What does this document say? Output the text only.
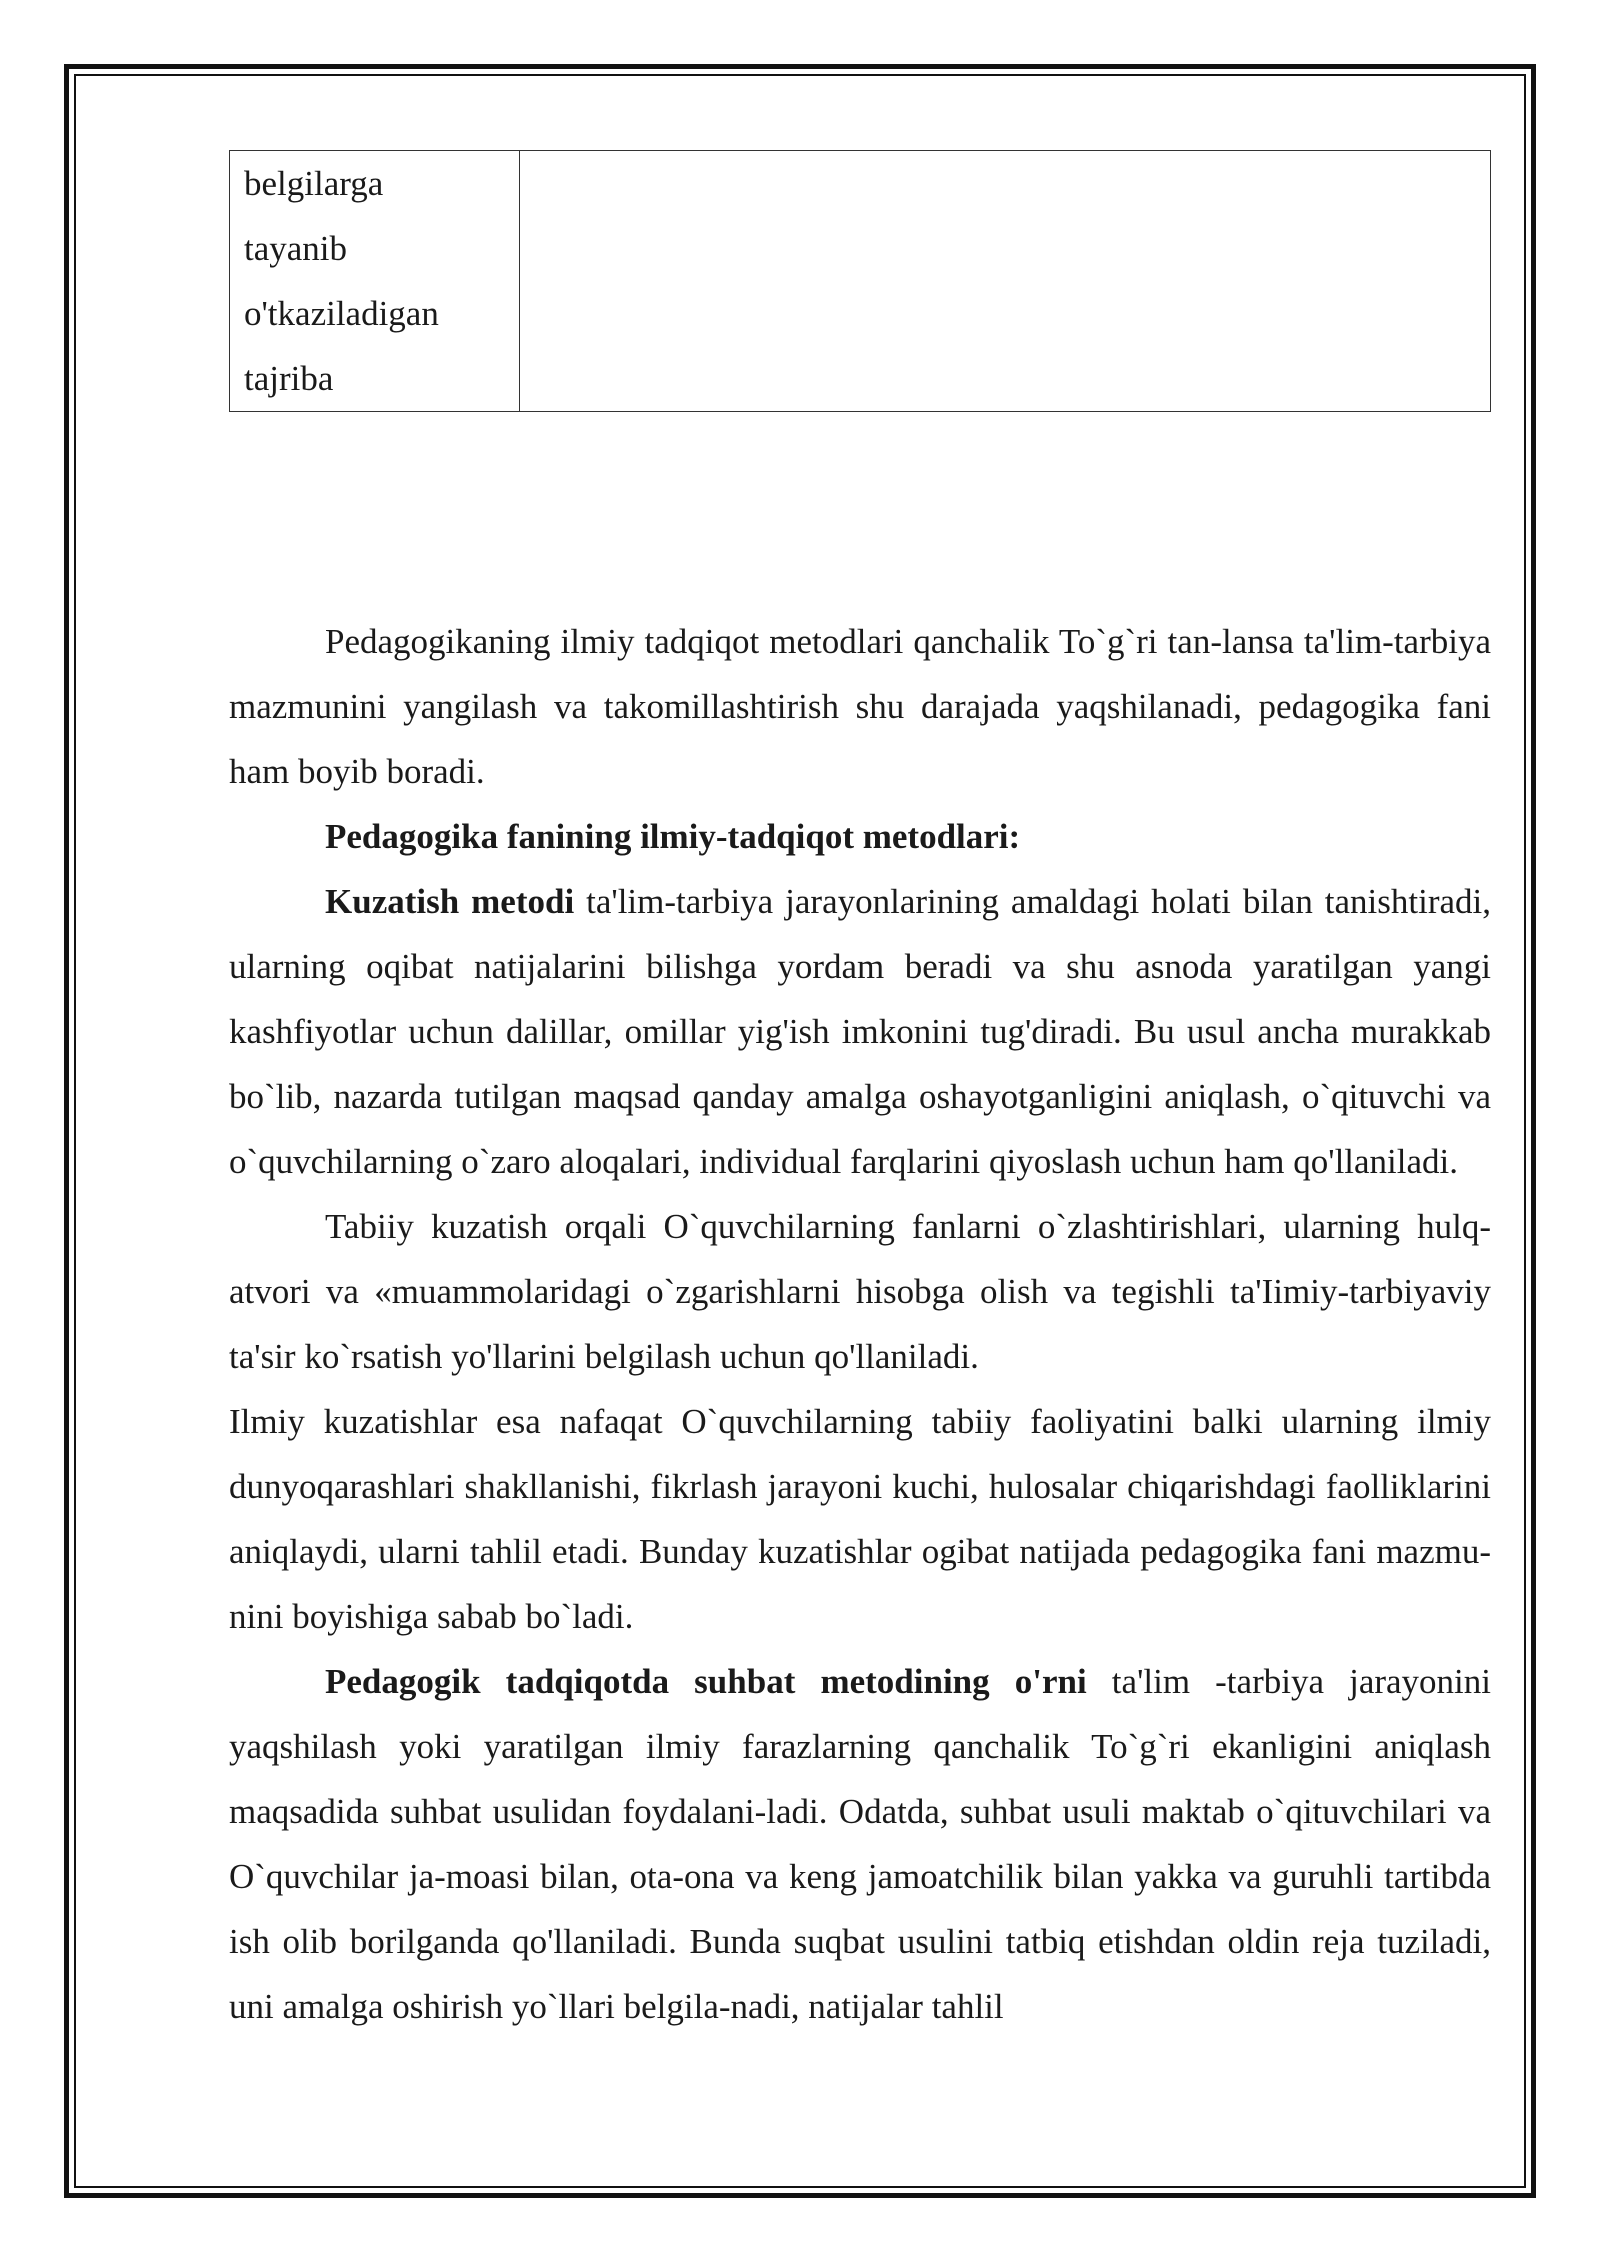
belgilarga
tayanib
o'tkaziladigan
tajriba

Pedagogikaning ilmiy tadqiqot metodlari qanchalik To`g`ri tan-lansa ta'lim-tarbiya mazmunini yangilash va takomillashtirish shu darajada yaqshilanadi, pedagogika fani ham boyib boradi.

Pedagogika fanining ilmiy-tadqiqot metodlari:

Kuzatish metodi ta'lim-tarbiya jarayonlarining amaldagi holati bilan tanishtiradi, ularning oqibat natijalarini bilishga yordam beradi va shu asnoda yaratilgan yangi kashfiyotlar uchun dalillar, omillar yig'ish imkonini tug'diradi. Bu usul ancha murakkab bo`lib, nazarda tutilgan maqsad qanday amalga oshayotganligini aniqlash, o`qituvchi va o`quvchilarning o`zaro aloqalari, individual farqlarini qiyoslash uchun ham qo'llaniladi.

Tabiiy kuzatish orqali O`quvchilarning fanlarni o`zlashtirishlari, ularning hulq-atvori va «muammolaridagi o`zgarishlarni hisobga olish va tegishli ta'Iimiy-tarbiyaviy ta'sir ko`rsatish yo'llarini belgilash uchun qo'llaniladi.

Ilmiy kuzatishlar esa nafaqat O`quvchilarning tabiiy faoliyatini balki ularning ilmiy dunyoqarashlari shakllanishi, fikrlash jarayoni kuchi, hulosalar chiqarishdagi faolliklarini aniqlaydi, ularni tahlil etadi. Bunday kuzatishlar ogibat natijada pedagogika fani mazmu-nini boyishiga sabab bo`ladi.

Pedagogik tadqiqotda suhbat metodining o'rni ta'lim -tarbiya jarayonini yaqshilash yoki yaratilgan ilmiy farazlarning qanchalik To`g`ri ekanligini aniqlash maqsadida suhbat usulidan foydalani-ladi. Odatda, suhbat usuli maktab o`qituvchilari va O`quvchilar ja-moasi bilan, ota-ona va keng jamoatchilik bilan yakka va guruhli tartibda ish olib borilganda qo'llaniladi. Bunda suqbat usulini tatbiq etishdan oldin reja tuziladi, uni amalga oshirish yo`llari belgila-nadi, natijalar tahlil
